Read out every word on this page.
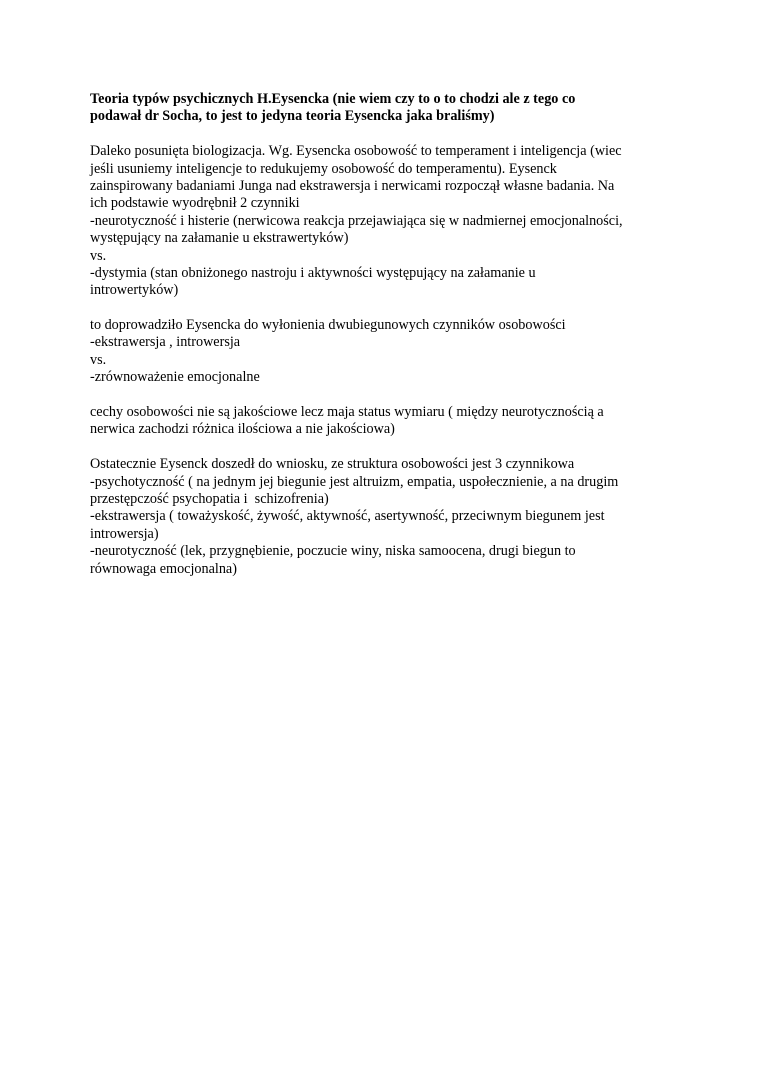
Teoria typów psychicznych H.Eysencka (nie wiem czy to o to chodzi ale z tego co
podawał dr Socha, to jest to jedyna teoria Eysencka jaka braliśmy)
Daleko posunięta biologizacja. Wg. Eysencka osobowość to temperament i inteligencja (wiec
jeśli usuniemy inteligencje to redukujemy osobowość do temperamentu). Eysenck
zainspirowany badaniami Junga nad ekstrawersja i nerwicami rozpoczął własne badania. Na
ich podstawie wyodrębnił 2 czynniki
-neurotyczność i histerie (nerwicowa reakcja przejawiająca się w nadmiernej emocjonalności,
występujący na załamanie u ekstrawertyków)
vs.
-dystymia (stan obniżonego nastroju i aktywności występujący na załamanie u
introwertyków)
to doprowadziło Eysencka do wyłonienia dwubiegunowych czynników osobowości
-ekstrawersja , introwersja
vs.
-zrównoważenie emocjonalne
cechy osobowości nie są jakościowe lecz maja status wymiaru ( między neurotycznością a
nerwica zachodzi różnica ilościowa a nie jakościowa)
Ostatecznie Eysenck doszedł do wniosku, ze struktura osobowości jest 3 czynnikowa
-psychotyczność ( na jednym jej biegunie jest altruizm, empatia, uspołecznienie, a na drugim
przestępczość psychopatia i  schizofrenia)
-ekstrawersja ( toważyskość, żywość, aktywność, asertywność, przeciwnym biegunem jest
introwersja)
-neurotyczność (lek, przygnębienie, poczucie winy, niska samoocena, drugi biegun to
równowaga emocjonalna)
